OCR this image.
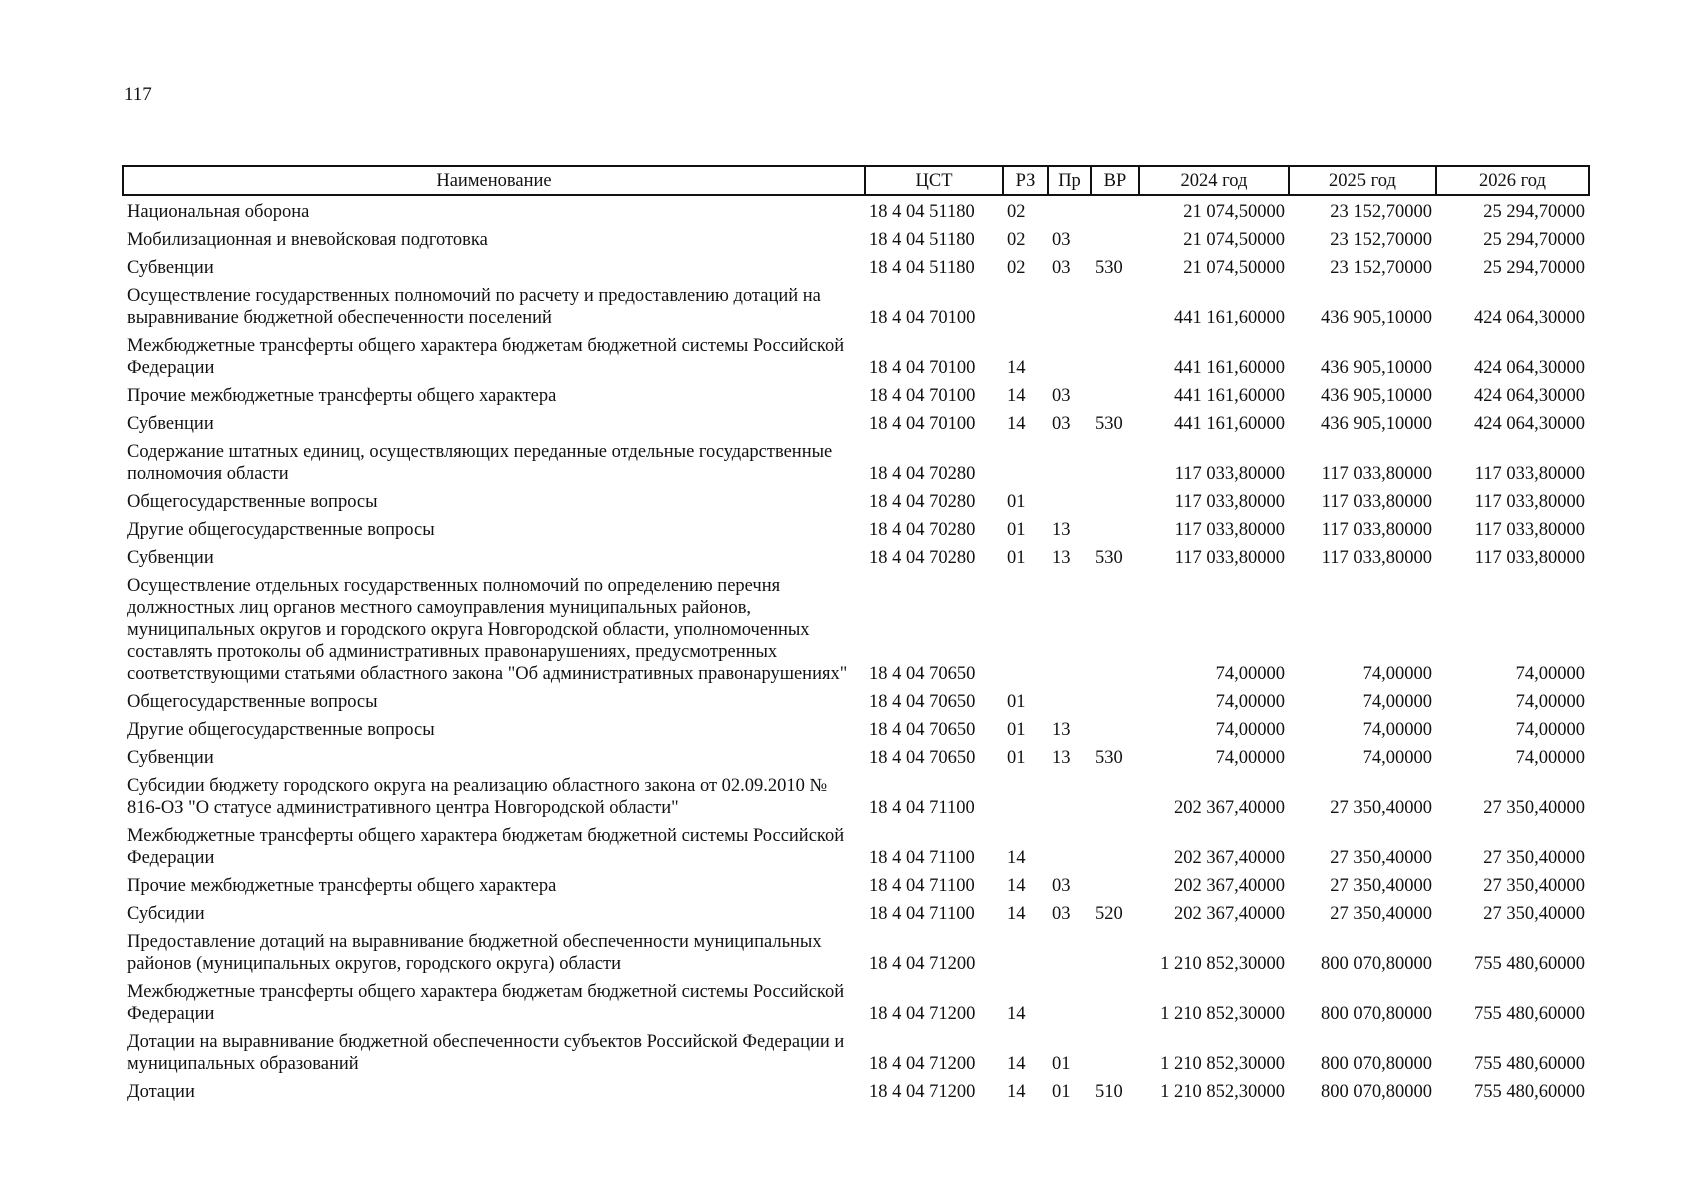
117
Наименование	ЦСТ	РЗ	Пр	ВР	2024 год	2025 год	2026 год
Национальная оборона	18 4 04 51180	02			21 074,50000	23 152,70000	25 294,70000
Мобилизационная и вневойсковая подготовка	18 4 04 51180	02	03		21 074,50000	23 152,70000	25 294,70000
Субвенции	18 4 04 51180	02	03	530	21 074,50000	23 152,70000	25 294,70000
Осуществление государственных полномочий по расчету и предоставлению дотаций на выравнивание бюджетной обеспеченности поселений	18 4 04 70100				441 161,60000	436 905,10000	424 064,30000
Межбюджетные трансферты общего характера бюджетам бюджетной системы Российской Федерации	18 4 04 70100	14			441 161,60000	436 905,10000	424 064,30000
Прочие межбюджетные трансферты общего характера	18 4 04 70100	14	03		441 161,60000	436 905,10000	424 064,30000
Субвенции	18 4 04 70100	14	03	530	441 161,60000	436 905,10000	424 064,30000
Содержание штатных единиц, осуществляющих переданные отдельные государственные полномочия области	18 4 04 70280				117 033,80000	117 033,80000	117 033,80000
Общегосударственные вопросы	18 4 04 70280	01			117 033,80000	117 033,80000	117 033,80000
Другие общегосударственные вопросы	18 4 04 70280	01	13		117 033,80000	117 033,80000	117 033,80000
Субвенции	18 4 04 70280	01	13	530	117 033,80000	117 033,80000	117 033,80000
Осуществление отдельных государственных полномочий по определению перечня должностных лиц органов местного самоуправления муниципальных районов, муниципальных округов и городского округа Новгородской области, уполномоченных составлять протоколы об административных правонарушениях, предусмотренных соответствующими статьями областного закона "Об административных правонарушениях"	18 4 04 70650				74,00000	74,00000	74,00000
Общегосударственные вопросы	18 4 04 70650	01			74,00000	74,00000	74,00000
Другие общегосударственные вопросы	18 4 04 70650	01	13		74,00000	74,00000	74,00000
Субвенции	18 4 04 70650	01	13	530	74,00000	74,00000	74,00000
Субсидии бюджету городского округа на реализацию областного закона от 02.09.2010 № 816-ОЗ "О статусе административного центра Новгородской области"	18 4 04 71100				202 367,40000	27 350,40000	27 350,40000
Межбюджетные трансферты общего характера бюджетам бюджетной системы Российской Федерации	18 4 04 71100	14			202 367,40000	27 350,40000	27 350,40000
Прочие межбюджетные трансферты общего характера	18 4 04 71100	14	03		202 367,40000	27 350,40000	27 350,40000
Субсидии	18 4 04 71100	14	03	520	202 367,40000	27 350,40000	27 350,40000
Предоставление дотаций на выравнивание бюджетной обеспеченности муниципальных районов (муниципальных округов, городского округа) области	18 4 04 71200				1 210 852,30000	800 070,80000	755 480,60000
Межбюджетные трансферты общего характера бюджетам бюджетной системы Российской Федерации	18 4 04 71200	14			1 210 852,30000	800 070,80000	755 480,60000
Дотации на выравнивание бюджетной обеспеченности субъектов Российской Федерации и муниципальных образований	18 4 04 71200	14	01		1 210 852,30000	800 070,80000	755 480,60000
Дотации	18 4 04 71200	14	01	510	1 210 852,30000	800 070,80000	755 480,60000
